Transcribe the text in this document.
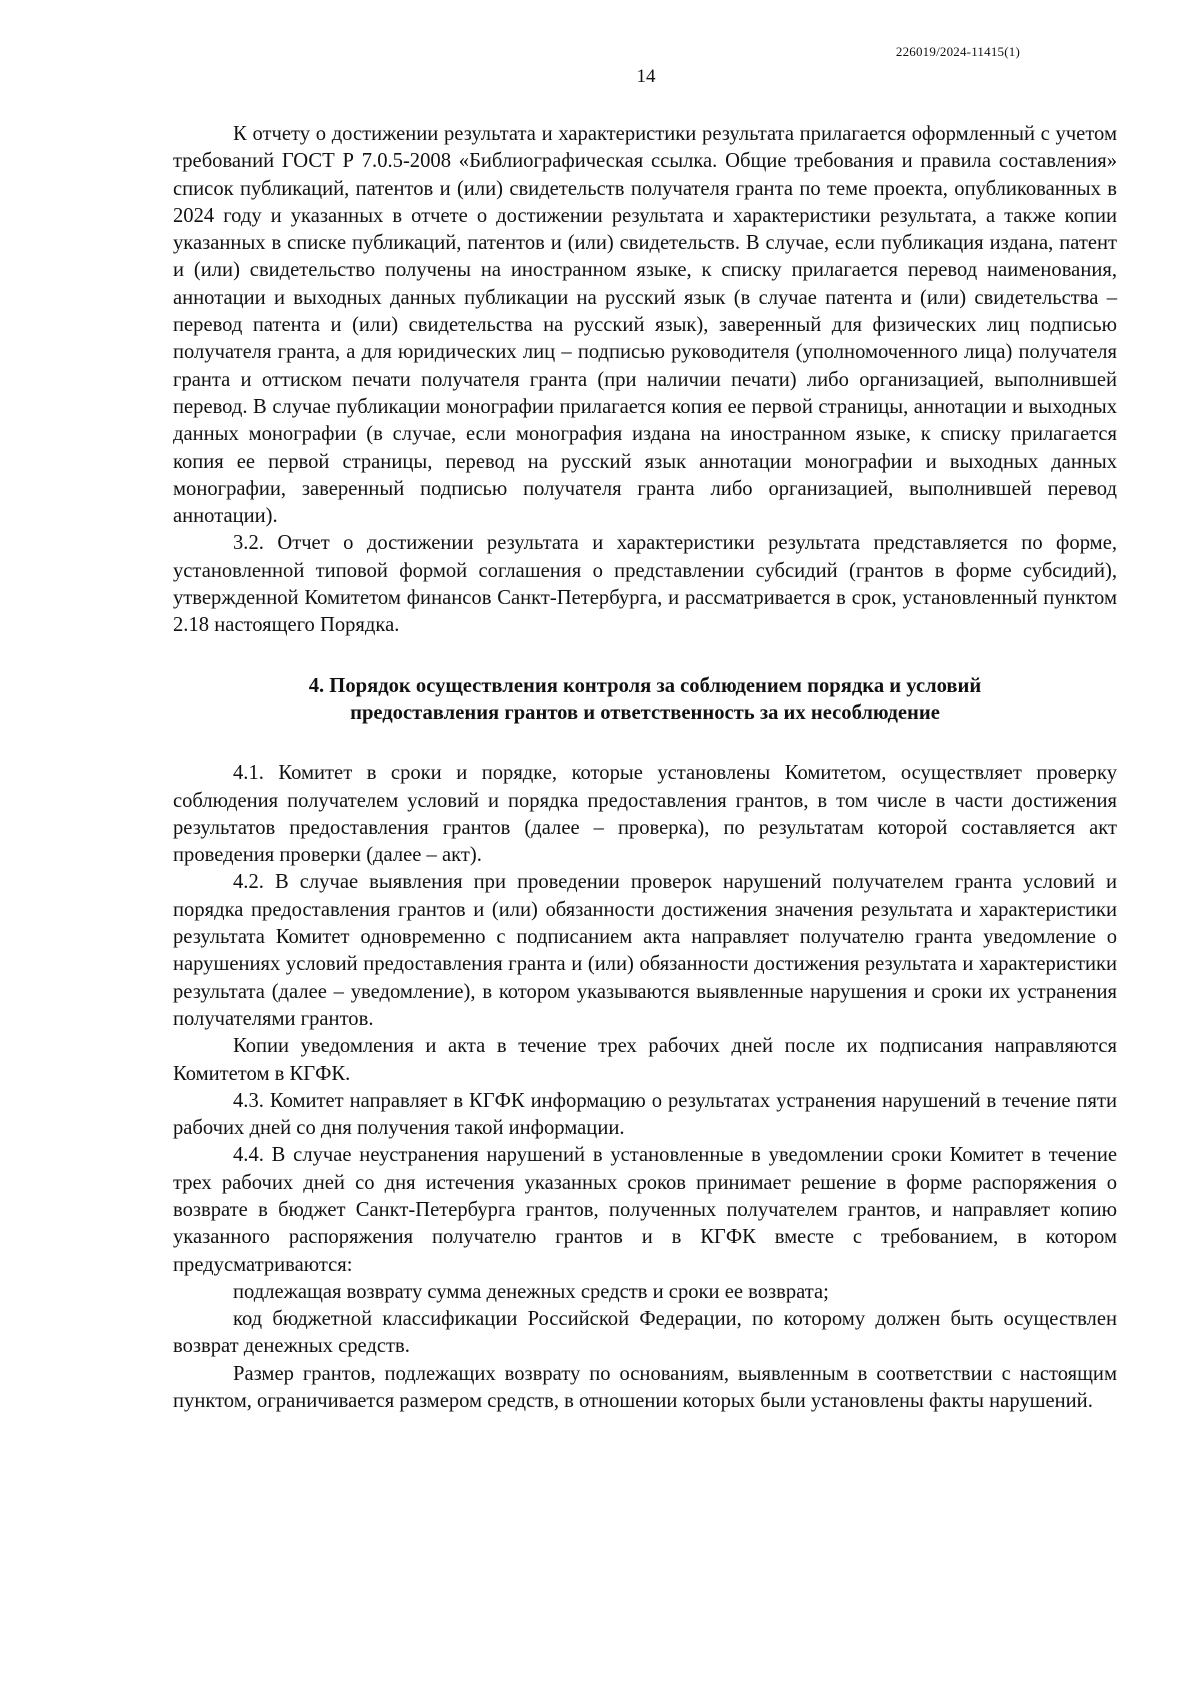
226019/2024-11415(1)
14

К отчету о достижении результата и характеристики результата прилагается оформленный с учетом требований ГОСТ Р 7.0.5-2008 «Библиографическая ссылка. Общие требования и правила составления» список публикаций, патентов и (или) свидетельств получателя гранта по теме проекта, опубликованных в 2024 году и указанных в отчете о достижении результата и характеристики результата, а также копии указанных в списке публикаций, патентов и (или) свидетельств. В случае, если публикация издана, патент и (или) свидетельство получены на иностранном языке, к списку прилагается перевод наименования, аннотации и выходных данных публикации на русский язык (в случае патента и (или) свидетельства – перевод патента и (или) свидетельства на русский язык), заверенный для физических лиц подписью получателя гранта, а для юридических лиц – подписью руководителя (уполномоченного лица) получателя гранта и оттиском печати получателя гранта (при наличии печати) либо организацией, выполнившей перевод. В случае публикации монографии прилагается копия ее первой страницы, аннотации и выходных данных монографии (в случае, если монография издана на иностранном языке, к списку прилагается копия ее первой страницы, перевод на русский язык аннотации монографии и выходных данных монографии, заверенный подписью получателя гранта либо организацией, выполнившей перевод аннотации).

3.2. Отчет о достижении результата и характеристики результата представляется по форме, установленной типовой формой соглашения о представлении субсидий (грантов в форме субсидий), утвержденной Комитетом финансов Санкт-Петербурга, и рассматривается в срок, установленный пунктом 2.18 настоящего Порядка.

4. Порядок осуществления контроля за соблюдением порядка и условий
предоставления грантов и ответственность за их несоблюдение

4.1. Комитет в сроки и порядке, которые установлены Комитетом, осуществляет проверку соблюдения получателем условий и порядка предоставления грантов, в том числе в части достижения результатов предоставления грантов (далее – проверка), по результатам которой составляется акт проведения проверки (далее – акт).

4.2. В случае выявления при проведении проверок нарушений получателем гранта условий и порядка предоставления грантов и (или) обязанности достижения значения результата и характеристики результата Комитет одновременно с подписанием акта направляет получателю гранта уведомление о нарушениях условий предоставления гранта и (или) обязанности достижения результата и характеристики результата (далее – уведомление), в котором указываются выявленные нарушения и сроки их устранения получателями грантов.

Копии уведомления и акта в течение трех рабочих дней после их подписания направляются Комитетом в КГФК.

4.3. Комитет направляет в КГФК информацию о результатах устранения нарушений в течение пяти рабочих дней со дня получения такой информации.

4.4. В случае неустранения нарушений в установленные в уведомлении сроки Комитет в течение трех рабочих дней со дня истечения указанных сроков принимает решение в форме распоряжения о возврате в бюджет Санкт-Петербурга грантов, полученных получателем грантов, и направляет копию указанного распоряжения получателю грантов и в КГФК вместе с требованием, в котором предусматриваются:

подлежащая возврату сумма денежных средств и сроки ее возврата;

код бюджетной классификации Российской Федерации, по которому должен быть осуществлен возврат денежных средств.

Размер грантов, подлежащих возврату по основаниям, выявленным в соответствии с настоящим пунктом, ограничивается размером средств, в отношении которых были установлены факты нарушений.
